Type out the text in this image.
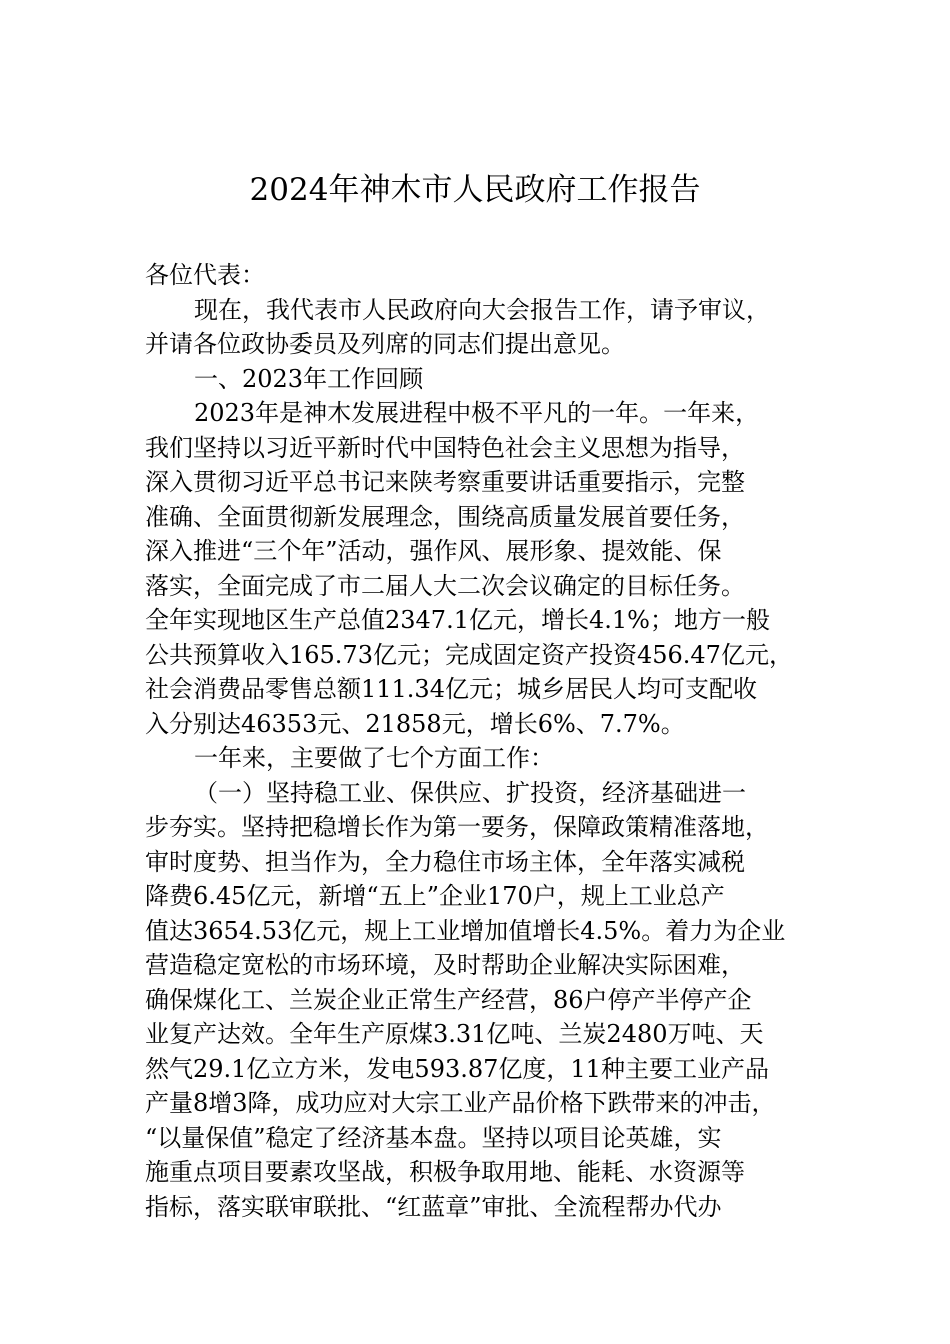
2024年神木市人民政府工作报告
各位代表：
现在，我代表市人民政府向大会报告工作，请予审议，
并请各位政协委员及列席的同志们提出意见。
一、2023年工作回顾
2023年是神木发展进程中极不平凡的一年。一年来，
我们坚持以习近平新时代中国特色社会主义思想为指导，
深入贯彻习近平总书记来陕考察重要讲话重要指示，完整
准确、全面贯彻新发展理念，围绕高质量发展首要任务，
深入推进“三个年”活动，强作风、展形象、提效能、保
落实，全面完成了市二届人大二次会议确定的目标任务。
全年实现地区生产总值2347.1亿元，增长4.1%；地方一般
公共预算收入165.73亿元；完成固定资产投资456.47亿元，
社会消费品零售总额111.34亿元；城乡居民人均可支配收
入分别达46353元、21858元，增长6%、7.7%。
一年来，主要做了七个方面工作：
（一）坚持稳工业、保供应、扩投资，经济基础进一
步夯实。坚持把稳增长作为第一要务，保障政策精准落地，
审时度势、担当作为，全力稳住市场主体，全年落实减税
降费6.45亿元，新增“五上”企业170户，规上工业总产
值达3654.53亿元，规上工业增加值增长4.5%。着力为企业
营造稳定宽松的市场环境，及时帮助企业解决实际困难，
确保煤化工、兰炭企业正常生产经营，86户停产半停产企
业复产达效。全年生产原煤3.31亿吨、兰炭2480万吨、天
然气29.1亿立方米，发电593.87亿度，11种主要工业产品
产量8增3降，成功应对大宗工业产品价格下跌带来的冲击，
“以量保值”稳定了经济基本盘。坚持以项目论英雄，实
施重点项目要素攻坚战，积极争取用地、能耗、水资源等
指标，落实联审联批、“红蓝章”审批、全流程帮办代办
